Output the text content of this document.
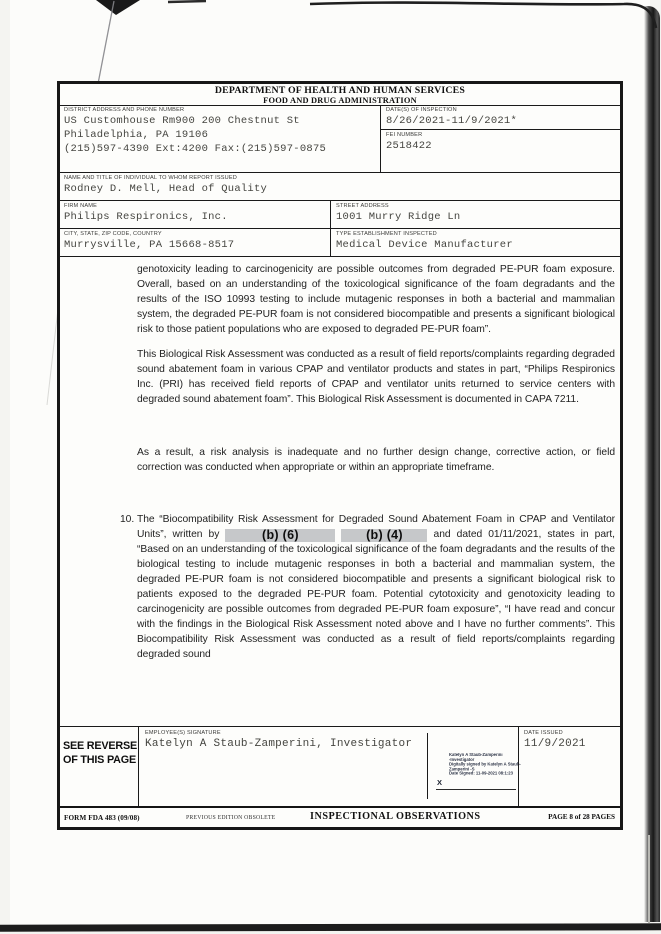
DEPARTMENT OF HEALTH AND HUMAN SERVICES
FOOD AND DRUG ADMINISTRATION
DISTRICT ADDRESS AND PHONE NUMBER
US Customhouse Rm900 200 Chestnut St
Philadelphia, PA 19106
(215)597-4390 Ext:4200 Fax:(215)597-0875
DATE(S) OF INSPECTION
8/26/2021-11/9/2021*
FEI NUMBER
2518422
NAME AND TITLE OF INDIVIDUAL TO WHOM REPORT ISSUED
Rodney D. Mell, Head of Quality
FIRM NAME
Philips Respironics, Inc.
STREET ADDRESS
1001 Murry Ridge Ln
CITY, STATE, ZIP CODE, COUNTRY
Murrysville, PA 15668-8517
TYPE ESTABLISHMENT INSPECTED
Medical Device Manufacturer

genotoxicity leading to carcinogenicity are possible outcomes from degraded PE-PUR foam exposure. Overall, based on an understanding of the toxicological significance of the foam degradants and the results of the ISO 10993 testing to include mutagenic responses in both a bacterial and mammalian system, the degraded PE-PUR foam is not considered biocompatible and presents a significant biological risk to those patient populations who are exposed to degraded PE-PUR foam”.

This Biological Risk Assessment was conducted as a result of field reports/complaints regarding degraded sound abatement foam in various CPAP and ventilator products and states in part, “Philips Respironics Inc. (PRI) has received field reports of CPAP and ventilator units returned to service centers with degraded sound abatement foam”. This Biological Risk Assessment is documented in CAPA 7211.

As a result, a risk analysis is inadequate and no further design change, corrective action, or field correction was conducted when appropriate or within an appropriate timeframe.

10. The “Biocompatibility Risk Assessment for Degraded Sound Abatement Foam in CPAP and Ventilator Units”, written by	(b) (6)	(b) (4)	and dated 01/11/2021, states in part, “Based on an understanding of the toxicological significance of the foam degradants and the results of the biological testing to include mutagenic responses in both a bacterial and mammalian system, the degraded PE-PUR foam is not considered biocompatible and presents a significant biological risk to patients exposed to the degraded PE-PUR foam. Potential cytotoxicity and genotoxicity leading to carcinogenicity are possible outcomes from degraded PE-PUR foam exposure”, “I have read and concur with the findings in the Biological Risk Assessment noted above and I have no further comments”. This Biocompatibility Risk Assessment was conducted as a result of field reports/complaints regarding degraded sound
SEE REVERSE
OF THIS PAGE
EMPLOYEE(S) SIGNATURE
Katelyn A Staub-Zamperini, Investigator
X
Katelyn A Staub-Zamperini
-Investigator
Digitally signed by Katelyn A Staub-
Zamperini -S
Date Signed: 11-09-2021 08:1:23
DATE ISSUED
11/9/2021
FORM FDA 483 (09/08)	PREVIOUS EDITION OBSOLETE	INSPECTIONAL OBSERVATIONS	PAGE 8 of 28 PAGES
